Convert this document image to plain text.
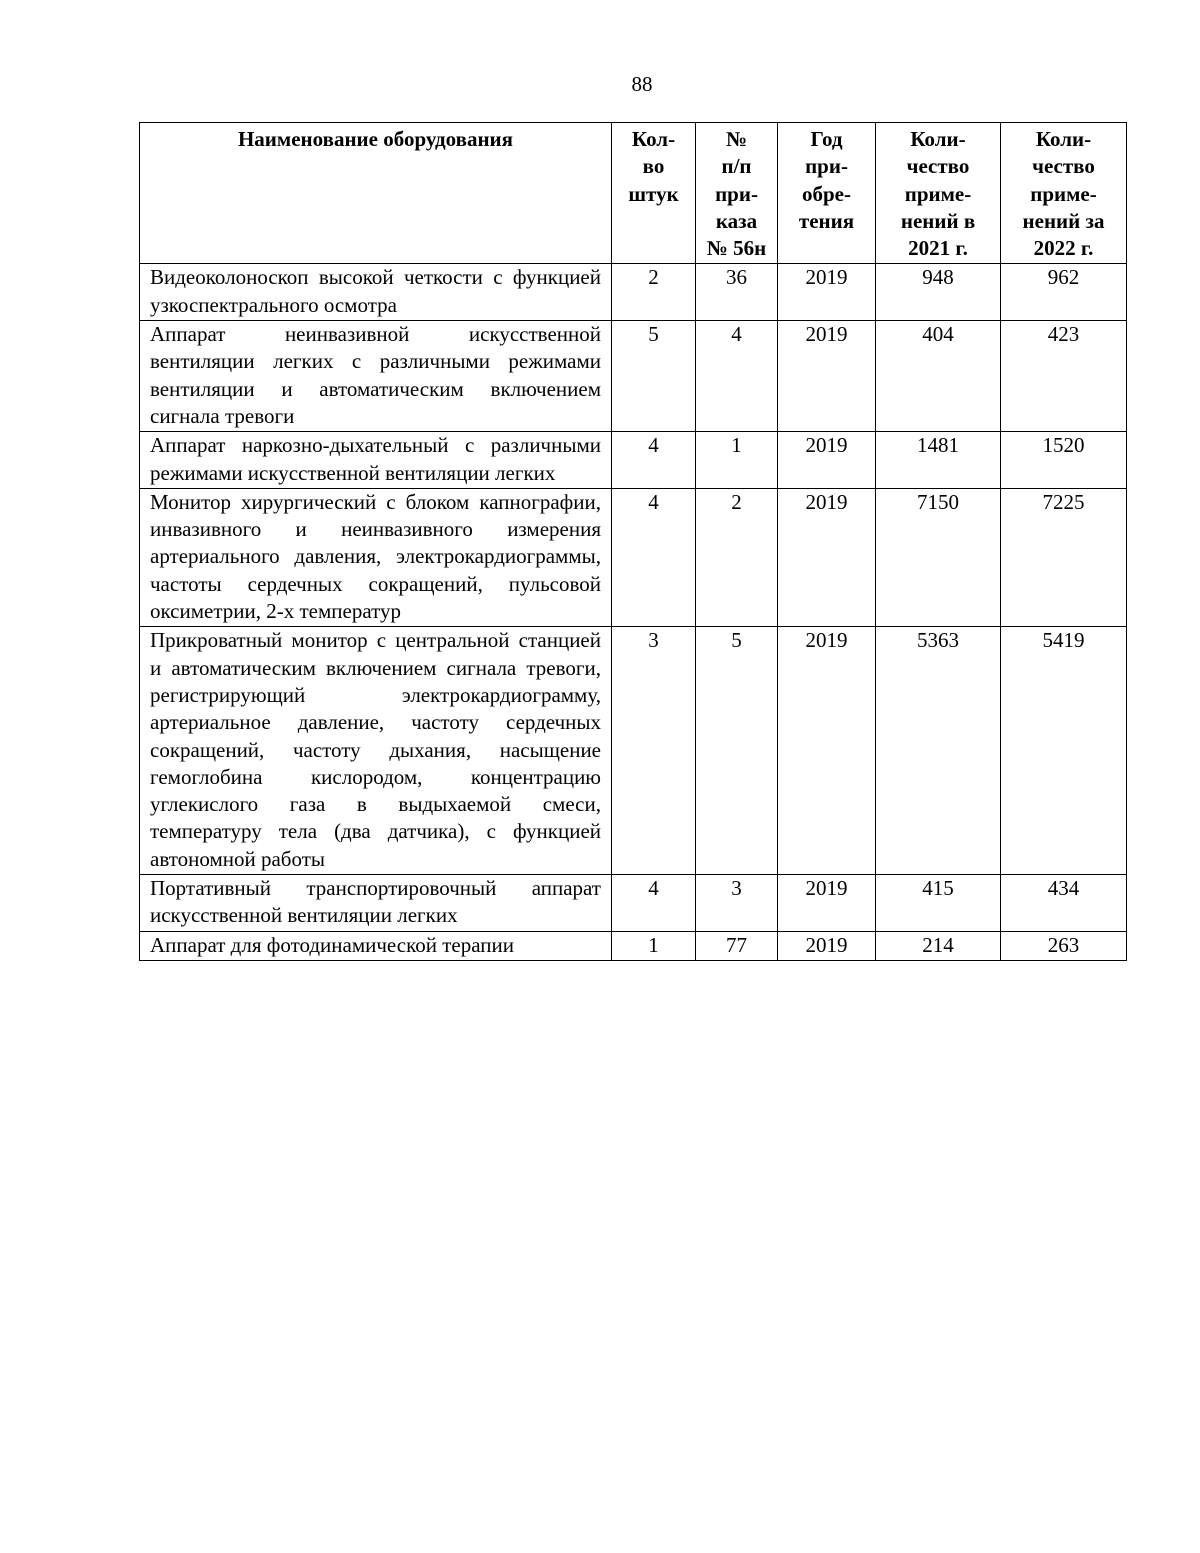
88
Наименование оборудования	Кол-
во
штук	№
п/п
при-
каза
№ 56н	Год
при-
обре-
тения	Коли-
чество
приме-
нений в
2021 г.	Коли-
чество
приме-
нений за
2022 г.

Видеоколоноскоп высокой четкости с функцией узкоспектрального осмотра	2	36	2019	948	962
Аппарат неинвазивной искусственной вентиляции легких с различными режимами вентиляции и автоматическим включением сигнала тревоги	5	4	2019	404	423
Аппарат наркозно-дыхательный с различными режимами искусственной вентиляции легких	4	1	2019	1481	1520
Монитор хирургический с блоком капнографии, инвазивного и неинвазивного измерения артериального давления, электрокардиограммы, частоты сердечных сокращений, пульсовой оксиметрии, 2-х температур	4	2	2019	7150	7225
Прикроватный монитор с центральной станцией и автоматическим включением сигнала тревоги, регистрирующий электрокардиограмму, артериальное давление, частоту сердечных сокращений, частоту дыхания, насыщение гемоглобина кислородом, концентрацию углекислого газа в выдыхаемой смеси, температуру тела (два датчика), с функцией автономной работы	3	5	2019	5363	5419
Портативный транспортировочный аппарат искусственной вентиляции легких	4	3	2019	415	434
Аппарат для фотодинамической терапии	1	77	2019	214	263
